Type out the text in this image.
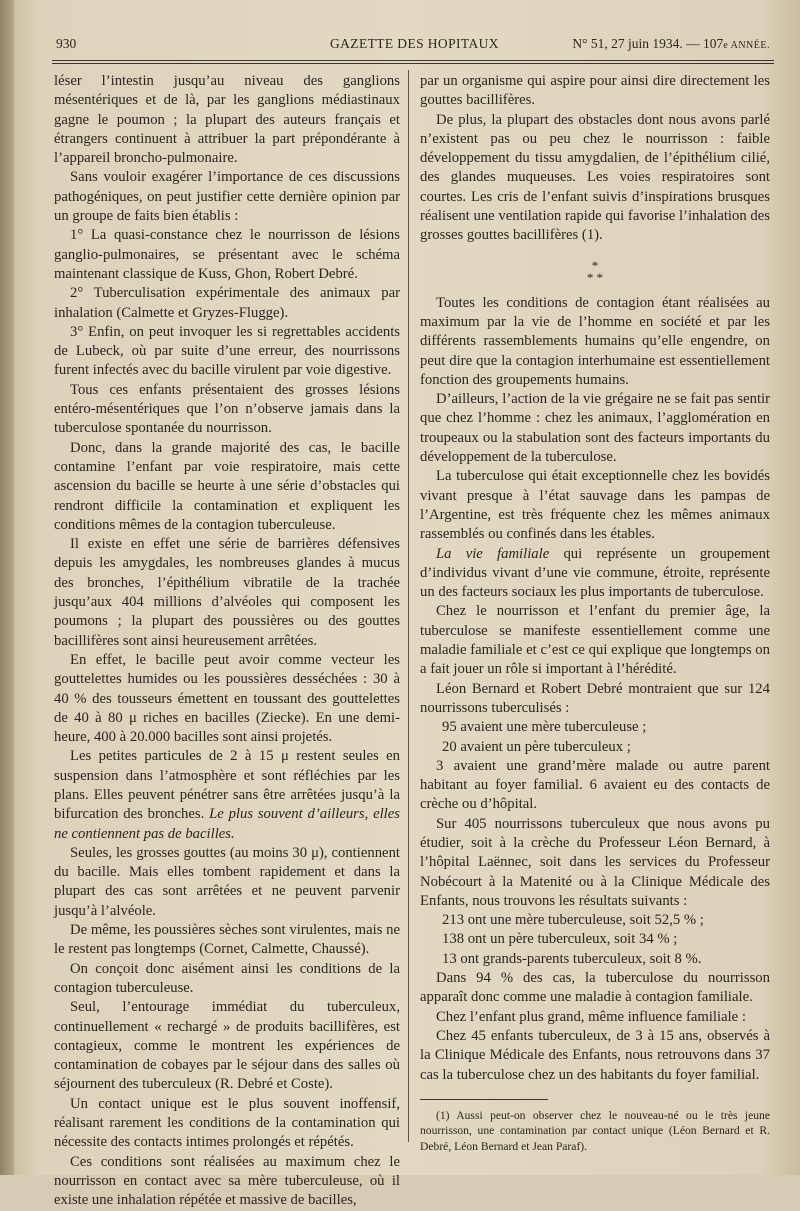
930	GAZETTE DES HOPITAUX	N° 51, 27 juin 1934. — 107e ANNÉE.

léser l’intestin jusqu’au niveau des ganglions mésentériques et de là, par les ganglions médiastinaux gagne le poumon ; la plupart des auteurs français et étrangers continuent à attribuer la part prépondérante à l’appareil broncho-pulmonaire.

Sans vouloir exagérer l’importance de ces discussions pathogéniques, on peut justifier cette dernière opinion par un groupe de faits bien établis :

1° La quasi-constance chez le nourrisson de lésions ganglio-pulmonaires, se présentant avec le schéma maintenant classique de Kuss, Ghon, Robert Debré.

2° Tuberculisation expérimentale des animaux par inhalation (Calmette et Gryzes-Flugge).

3° Enfin, on peut invoquer les si regrettables accidents de Lubeck, où par suite d’une erreur, des nourrissons furent infectés avec du bacille virulent par voie digestive.

Tous ces enfants présentaient des grosses lésions entéro-mésentériques que l’on n’observe jamais dans la tuberculose spontanée du nourrisson.

Donc, dans la grande majorité des cas, le bacille contamine l’enfant par voie respiratoire, mais cette ascension du bacille se heurte à une série d’obstacles qui rendront difficile la contamination et expliquent les conditions mêmes de la contagion tuberculeuse.

Il existe en effet une série de barrières défensives depuis les amygdales, les nombreuses glandes à mucus des bronches, l’épithélium vibratile de la trachée jusqu’aux 404 millions d’alvéoles qui composent les poumons ; la plupart des poussières ou des gouttes bacillifères sont ainsi heureusement arrêtées.

En effet, le bacille peut avoir comme vecteur les gouttelettes humides ou les poussières desséchées : 30 à 40 % des tousseurs émettent en toussant des gouttelettes de 40 à 80 μ riches en bacilles (Ziecke). En une demi-heure, 400 à 20.000 bacilles sont ainsi projetés.

Les petites particules de 2 à 15 μ restent seules en suspension dans l’atmosphère et sont réfléchies par les plans. Elles peuvent pénétrer sans être arrêtées jusqu’à la bifurcation des bronches. Le plus souvent d’ailleurs, elles ne contiennent pas de bacilles.

Seules, les grosses gouttes (au moins 30 μ), contiennent du bacille. Mais elles tombent rapidement et dans la plupart des cas sont arrêtées et ne peuvent parvenir jusqu’à l’alvéole.

De même, les poussières sèches sont virulentes, mais ne le restent pas longtemps (Cornet, Calmette, Chaussé).

On conçoit donc aisément ainsi les conditions de la contagion tuberculeuse.

Seul, l’entourage immédiat du tuberculeux, continuellement « rechargé » de produits bacillifères, est contagieux, comme le montrent les expériences de contamination de cobayes par le séjour dans des salles où séjournent des tuberculeux (R. Debré et Coste).

Un contact unique est le plus souvent inoffensif, réalisant rarement les conditions de la contamination qui nécessite des contacts intimes prolongés et répétés.

Ces conditions sont réalisées au maximum chez le nourrisson en contact avec sa mère tuberculeuse, où il existe une inhalation répétée et massive de bacilles,

par un organisme qui aspire pour ainsi dire directement les gouttes bacillifères.

De plus, la plupart des obstacles dont nous avons parlé n’existent pas ou peu chez le nourrisson : faible développement du tissu amygdalien, de l’épithélium cilié, des glandes muqueuses. Les voies respiratoires sont courtes. Les cris de l’enfant suivis d’inspirations brusques réalisent une ventilation rapide qui favorise l’inhalation des grosses gouttes bacillifères (1).

*
* *

Toutes les conditions de contagion étant réalisées au maximum par la vie de l’homme en société et par les différents rassemblements humains qu’elle engendre, on peut dire que la contagion interhumaine est essentiellement fonction des groupements humains.

D’ailleurs, l’action de la vie grégaire ne se fait pas sentir que chez l’homme : chez les animaux, l’agglomération en troupeaux ou la stabulation sont des facteurs importants du développement de la tuberculose.

La tuberculose qui était exceptionnelle chez les bovidés vivant presque à l’état sauvage dans les pampas de l’Argentine, est très fréquente chez les mêmes animaux rassemblés ou confinés dans les étables.

La vie familiale qui représente un groupement d’individus vivant d’une vie commune, étroite, représente un des facteurs sociaux les plus importants de tuberculose.

Chez le nourrisson et l’enfant du premier âge, la tuberculose se manifeste essentiellement comme une maladie familiale et c’est ce qui explique que longtemps on a fait jouer un rôle si important à l’hérédité.

Léon Bernard et Robert Debré montraient que sur 124 nourrissons tuberculisés :

95 avaient une mère tuberculeuse ;

20 avaient un père tuberculeux ;

3 avaient une grand’mère malade ou autre parent habitant au foyer familial. 6 avaient eu des contacts de crèche ou d’hôpital.

Sur 405 nourrissons tuberculeux que nous avons pu étudier, soit à la crèche du Professeur Léon Bernard, à l’hôpital Laënnec, soit dans les services du Professeur Nobécourt à la Matenité ou à la Clinique Médicale des Enfants, nous trouvons les résultats suivants :

213 ont une mère tuberculeuse, soit 52,5 % ;

138 ont un père tuberculeux, soit 34 % ;

13 ont grands-parents tuberculeux, soit 8 %.

Dans 94 % des cas, la tuberculose du nourrisson apparaît donc comme une maladie à contagion familiale.

Chez l’enfant plus grand, même influence familiale :

Chez 45 enfants tuberculeux, de 3 à 15 ans, observés à la Clinique Médicale des Enfants, nous retrouvons dans 37 cas la tuberculose chez un des habitants du foyer familial.

(1) Aussi peut-on observer chez le nouveau-né ou le très jeune nourrisson, une contamination par contact unique (Léon Bernard et R. Debré, Léon Bernard et Jean Paraf).
